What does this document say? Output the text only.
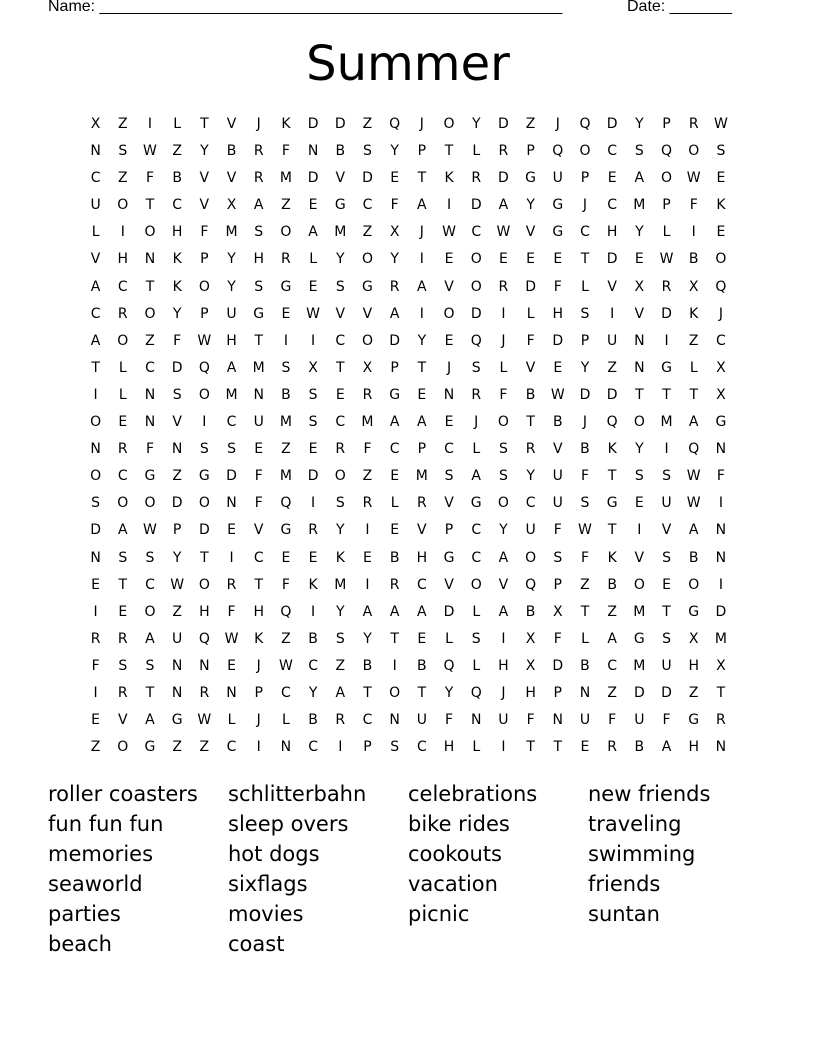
Name: ____________________________________________________	Date: _______
Summer
X	Z	I	L	T	V	J	K	D	D	Z	Q	J	O	Y	D	Z	J	Q	D	Y	P	R	W
N	S	W	Z	Y	B	R	F	N	B	S	Y	P	T	L	R	P	Q	O	C	S	Q	O	S
C	Z	F	B	V	V	R	M	D	V	D	E	T	K	R	D	G	U	P	E	A	O	W	E
U	O	T	C	V	X	A	Z	E	G	C	F	A	I	D	A	Y	G	J	C	M	P	F	K
L	I	O	H	F	M	S	O	A	M	Z	X	J	W	C	W	V	G	C	H	Y	L	I	E
V	H	N	K	P	Y	H	R	L	Y	O	Y	I	E	O	E	E	E	T	D	E	W	B	O
A	C	T	K	O	Y	S	G	E	S	G	R	A	V	O	R	D	F	L	V	X	R	X	Q
C	R	O	Y	P	U	G	E	W	V	V	A	I	O	D	I	L	H	S	I	V	D	K	J
A	O	Z	F	W	H	T	I	I	C	O	D	Y	E	Q	J	F	D	P	U	N	I	Z	C
T	L	C	D	Q	A	M	S	X	T	X	P	T	J	S	L	V	E	Y	Z	N	G	L	X
I	L	N	S	O	M	N	B	S	E	R	G	E	N	R	F	B	W	D	D	T	T	T	X
O	E	N	V	I	C	U	M	S	C	M	A	A	E	J	O	T	B	J	Q	O	M	A	G
N	R	F	N	S	S	E	Z	E	R	F	C	P	C	L	S	R	V	B	K	Y	I	Q	N
O	C	G	Z	G	D	F	M	D	O	Z	E	M	S	A	S	Y	U	F	T	S	S	W	F
S	O	O	D	O	N	F	Q	I	S	R	L	R	V	G	O	C	U	S	G	E	U	W	I
D	A	W	P	D	E	V	G	R	Y	I	E	V	P	C	Y	U	F	W	T	I	V	A	N
N	S	S	Y	T	I	C	E	E	K	E	B	H	G	C	A	O	S	F	K	V	S	B	N
E	T	C	W	O	R	T	F	K	M	I	R	C	V	O	V	Q	P	Z	B	O	E	O	I
I	E	O	Z	H	F	H	Q	I	Y	A	A	A	D	L	A	B	X	T	Z	M	T	G	D
R	R	A	U	Q	W	K	Z	B	S	Y	T	E	L	S	I	X	F	L	A	G	S	X	M
F	S	S	N	N	E	J	W	C	Z	B	I	B	Q	L	H	X	D	B	C	M	U	H	X
I	R	T	N	R	N	P	C	Y	A	T	O	T	Y	Q	J	H	P	N	Z	D	D	Z	T
E	V	A	G	W	L	J	L	B	R	C	N	U	F	N	U	F	N	U	F	U	F	G	R
Z	O	G	Z	Z	C	I	N	C	I	P	S	C	H	L	I	T	T	E	R	B	A	H	N
roller coasters	schlitterbahn	celebrations	new friends
fun fun fun	sleep overs	bike rides	traveling
memories	hot dogs	cookouts	swimming
seaworld	sixflags	vacation	friends
parties	movies	picnic	suntan
beach	coast
